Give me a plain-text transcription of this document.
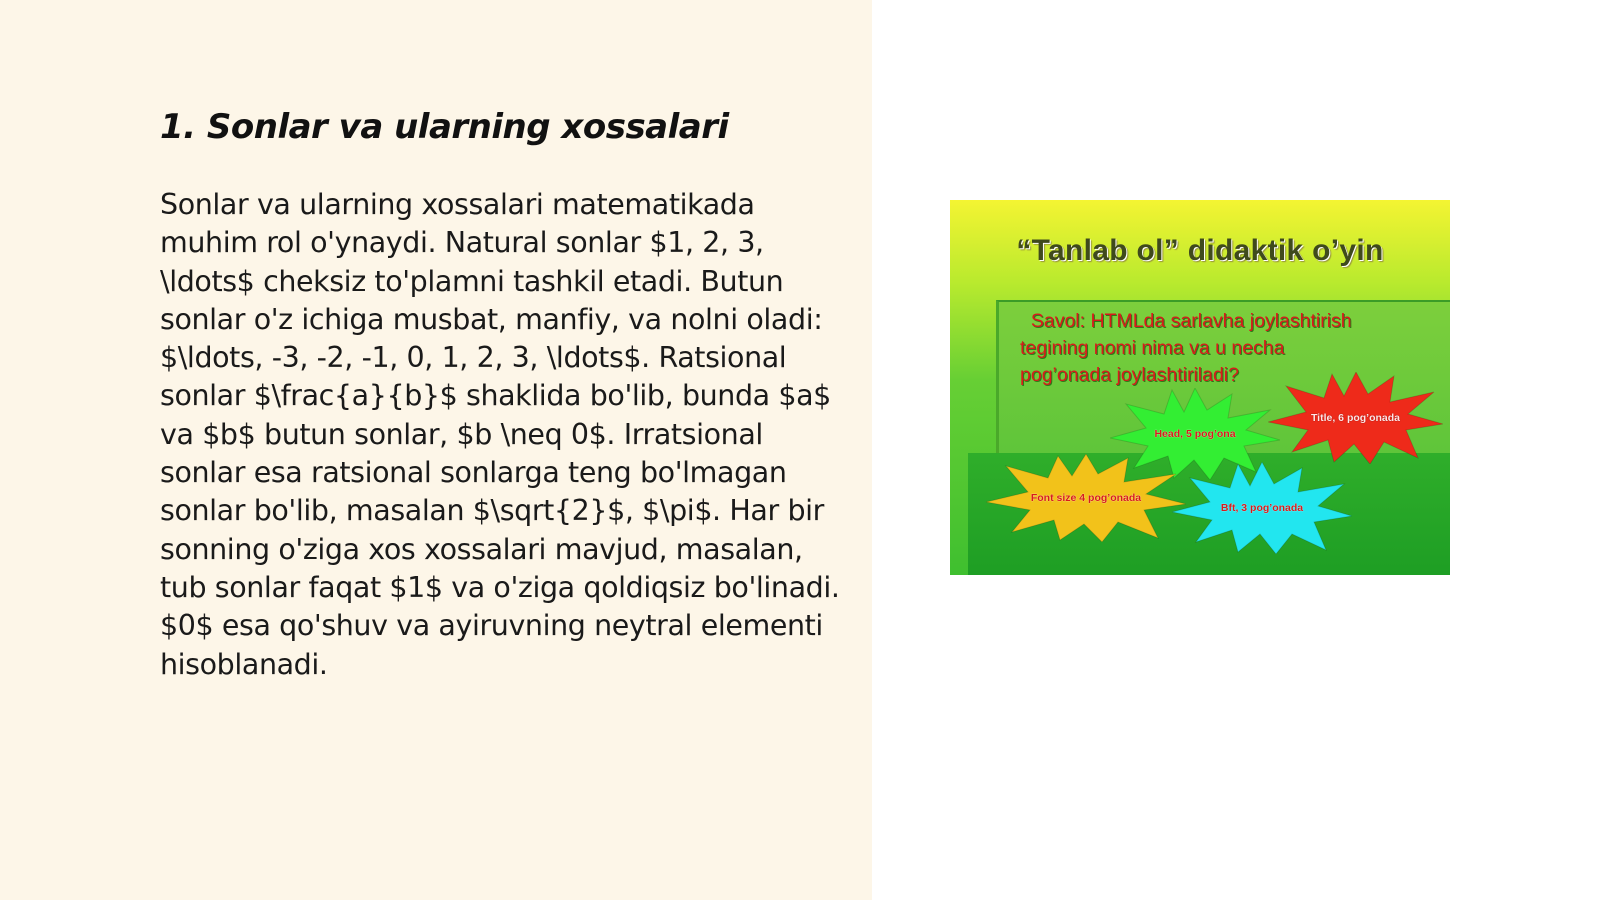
1. Sonlar va ularning xossalari

Sonlar va ularning xossalari matematikada muhim rol o'ynaydi. Natural sonlar $1, 2, 3, \ldots$ cheksiz to'plamni tashkil etadi. Butun sonlar o'z ichiga musbat, manfiy, va nolni oladi: $\ldots, -3, -2, -1, 0, 1, 2, 3, \ldots$. Ratsional sonlar $\frac{a}{b}$ shaklida bo'lib, bunda $a$ va $b$ butun sonlar, $b \neq 0$. Irratsional sonlar esa ratsional sonlarga teng bo'lmagan sonlar bo'lib, masalan $\sqrt{2}$, $\pi$. Har bir sonning o'ziga xos xossalari mavjud, masalan, tub sonlar faqat $1$ va o'ziga qoldiqsiz bo'linadi.  $0$ esa qo'shuv va ayiruvning neytral elementi hisoblanadi.

“Tanlab ol” didaktik o’yin
Savol: HTMLda sarlavha joylashtirish
tegining nomi nima va u necha
pog’onada joylashtiriladi?
Head, 5 pog’ona
Title, 6 pog’onada
Font size 4 pog’onada
Bft, 3 pog’onada
